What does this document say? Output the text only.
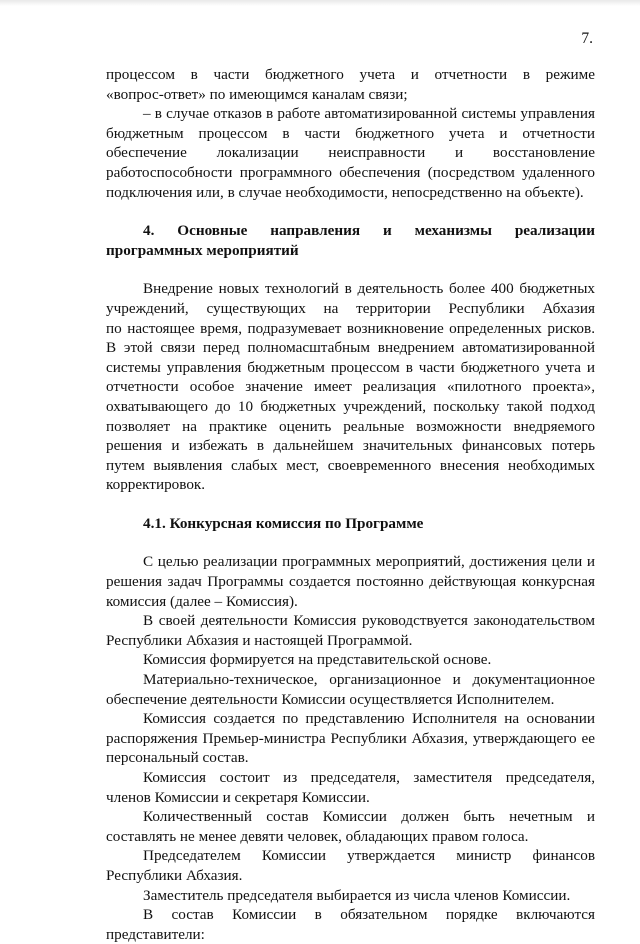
7.

процессом в части бюджетного учета и отчетности в режиме

«вопрос-ответ» по имеющимся каналам связи;

– в случае отказов в работе автоматизированной системы управления

бюджетным процессом в части бюджетного учета и отчетности

обеспечение локализации неисправности и восстановление

работоспособности программного обеспечения (посредством удаленного

подключения или, в случае необходимости, непосредственно на объекте).

4. Основные направления и механизмы реализации

программных мероприятий

Внедрение новых технологий в деятельность более 400 бюджетных

учреждений, существующих на территории Республики Абхазия

по настоящее время, подразумевает возникновение определенных рисков.

В этой связи перед полномасштабным внедрением автоматизированной

системы управления бюджетным процессом в части бюджетного учета и

отчетности особое значение имеет реализация «пилотного проекта»,

охватывающего до 10 бюджетных учреждений, поскольку такой подход

позволяет на практике оценить реальные возможности внедряемого

решения и избежать в дальнейшем значительных финансовых потерь

путем выявления слабых мест, своевременного внесения необходимых

корректировок.

4.1. Конкурсная комиссия по Программе

С целью реализации программных мероприятий, достижения цели и

решения задач Программы создается постоянно действующая конкурсная

комиссия (далее – Комиссия).

В своей деятельности Комиссия руководствуется законодательством

Республики Абхазия и настоящей Программой.

Комиссия формируется на представительской основе.

Материально-техническое, организационное и документационное

обеспечение деятельности Комиссии осуществляется Исполнителем.

Комиссия создается по представлению Исполнителя на основании

распоряжения Премьер-министра Республики Абхазия, утверждающего ее

персональный состав.

Комиссия состоит из председателя, заместителя председателя,

членов Комиссии и секретаря Комиссии.

Количественный состав Комиссии должен быть нечетным и

составлять не менее девяти человек, обладающих правом голоса.

Председателем Комиссии утверждается министр финансов

Республики Абхазия.

Заместитель председателя выбирается из числа членов Комиссии.

В состав Комиссии в обязательном порядке включаются

представители:
